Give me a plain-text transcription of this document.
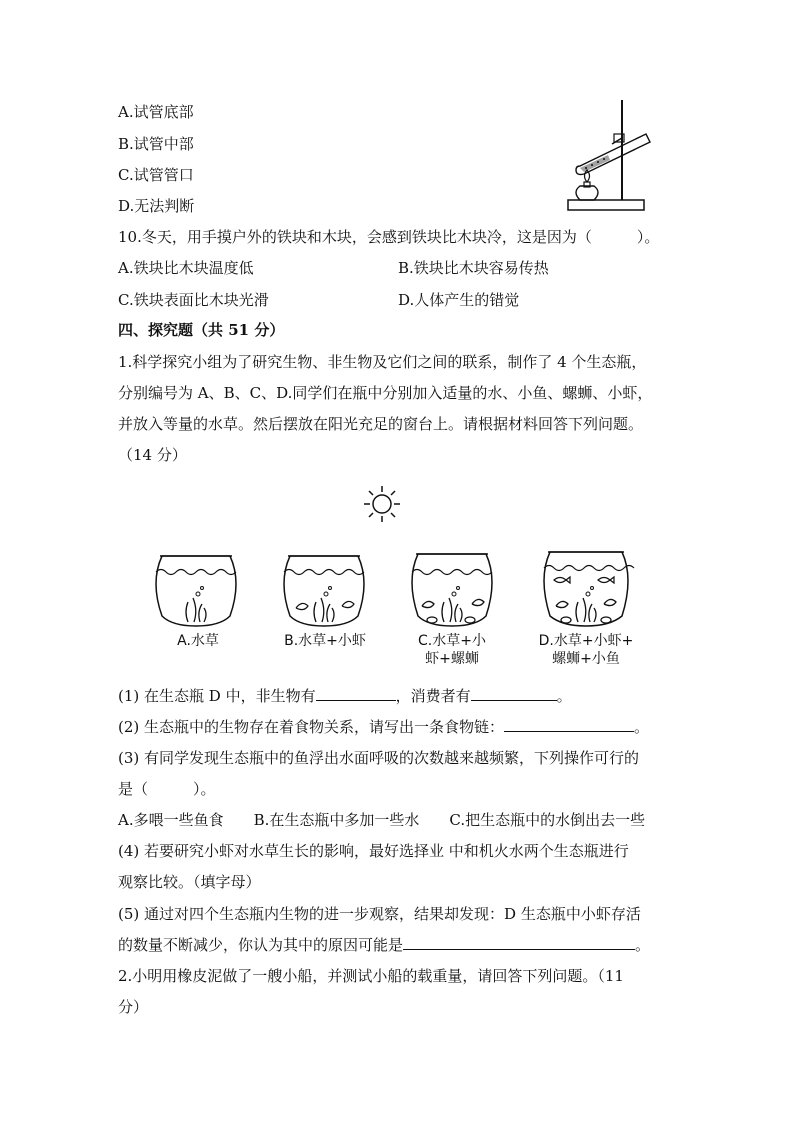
A.试管底部
B.试管中部
C.试管管口
D.无法判断
10.冬天，用手摸户外的铁块和木块，会感到铁块比木块冷，这是因为（　　　）。
A.铁块比木块温度低	B.铁块比木块容易传热
C.铁块表面比木块光滑	D.人体产生的错觉
四、探究题（共 51 分）
1.科学探究小组为了研究生物、非生物及它们之间的联系，制作了 4 个生态瓶，
分别编号为 A、B、C、D.同学们在瓶中分别加入适量的水、小鱼、螺蛳、小虾，
并放入等量的水草。然后摆放在阳光充足的窗台上。请根据材料回答下列问题。
（14 分）
A.水草	B.水草+小虾	C.水草+小
虾+螺蛳
D.水草+小虾+
螺蛳+小鱼
(1) 在生态瓶 D 中，非生物有	，消费者有	。
(2) 生态瓶中的生物存在着食物关系，请写出一条食物链：	。
(3) 有同学发现生态瓶中的鱼浮出水面呼吸的次数越来越频繁，下列操作可行的
是（　　　）。
A.多喂一些鱼食　　B.在生态瓶中多加一些水　　C.把生态瓶中的水倒出去一些
(4) 若要研究小虾对水草生长的影响，最好选择业 中和机火水两个生态瓶进行
观察比较。（填字母）
(5) 通过对四个生态瓶内生物的进一步观察，结果却发现：D 生态瓶中小虾存活
的数量不断减少，你认为其中的原因可能是	。
2.小明用橡皮泥做了一艘小船，并测试小船的载重量，请回答下列问题。（11
分）
